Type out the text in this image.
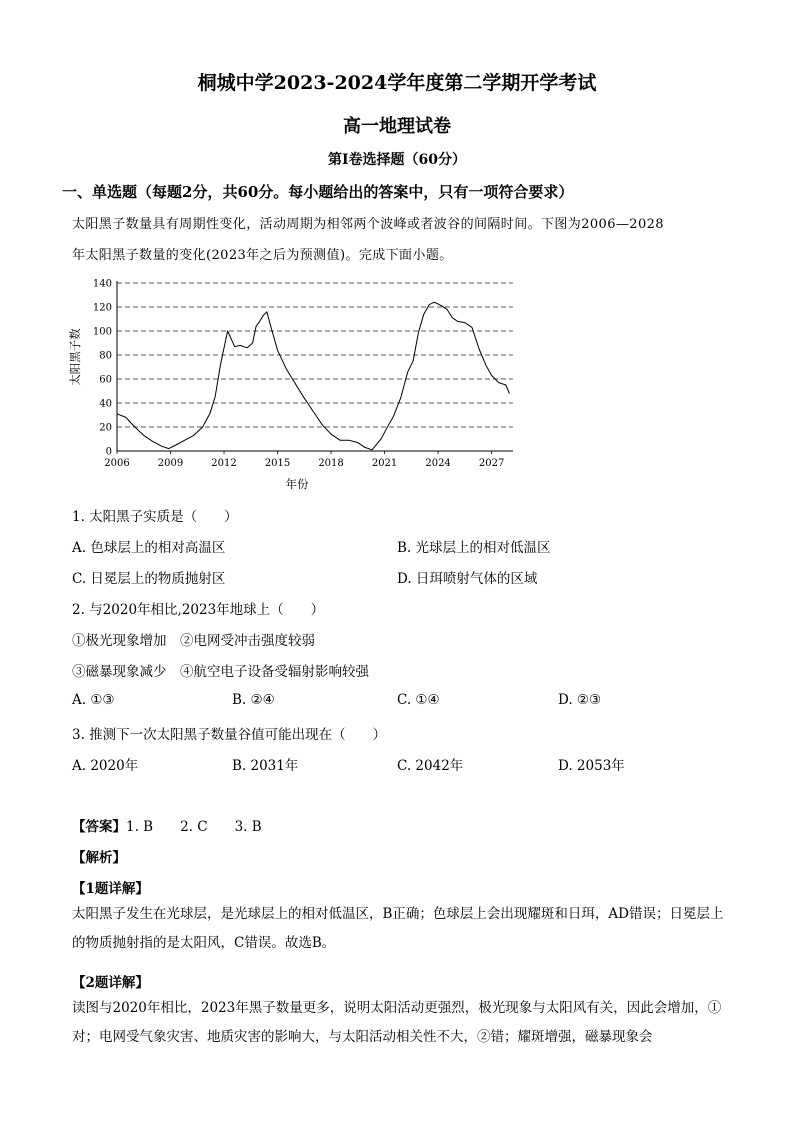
桐城中学2023-2024学年度第二学期开学考试
高一地理试卷
第Ⅰ卷选择题（60分）
一、单选题（每题2分，共60分。每小题给出的答案中，只有一项符合要求）
太阳黑子数量具有周期性变化，活动周期为相邻两个波峰或者波谷的间隔时间。下图为2006—2028
年太阳黑子数量的变化(2023年之后为预测值)。完成下面小题。
0
20
40
60
80
100
120
140
2006	2009	2012	2015	2018	2021	2024	2027
年份
太阳黑子数
1. 太阳黑子实质是（　　）
A. 色球层上的相对高温区	B. 光球层上的相对低温区
C. 日冕层上的物质抛射区	D. 日珥喷射气体的区域
2. 与2020年相比,2023年地球上（　　）
①极光现象增加　②电网受冲击强度较弱
③磁暴现象减少　④航空电子设备受辐射影响较强
A. ①③	B. ②④	C. ①④	D. ②③
3. 推测下一次太阳黑子数量谷值可能出现在（　　）
A. 2020年	B. 2031年	C. 2042年	D. 2053年
【答案】1. B　　2. C　　3. B
【解析】
【1题详解】
太阳黑子发生在光球层，是光球层上的相对低温区，B正确；色球层上会出现耀斑和日珥，AD错误；日冕层上的物质抛射指的是太阳风，C错误。故选B。
【2题详解】
读图与2020年相比，2023年黑子数量更多，说明太阳活动更强烈，极光现象与太阳风有关，因此会增加，①对；电网受气象灾害、地质灾害的影响大，与太阳活动相关性不大，②错；耀斑增强，磁暴现象会
